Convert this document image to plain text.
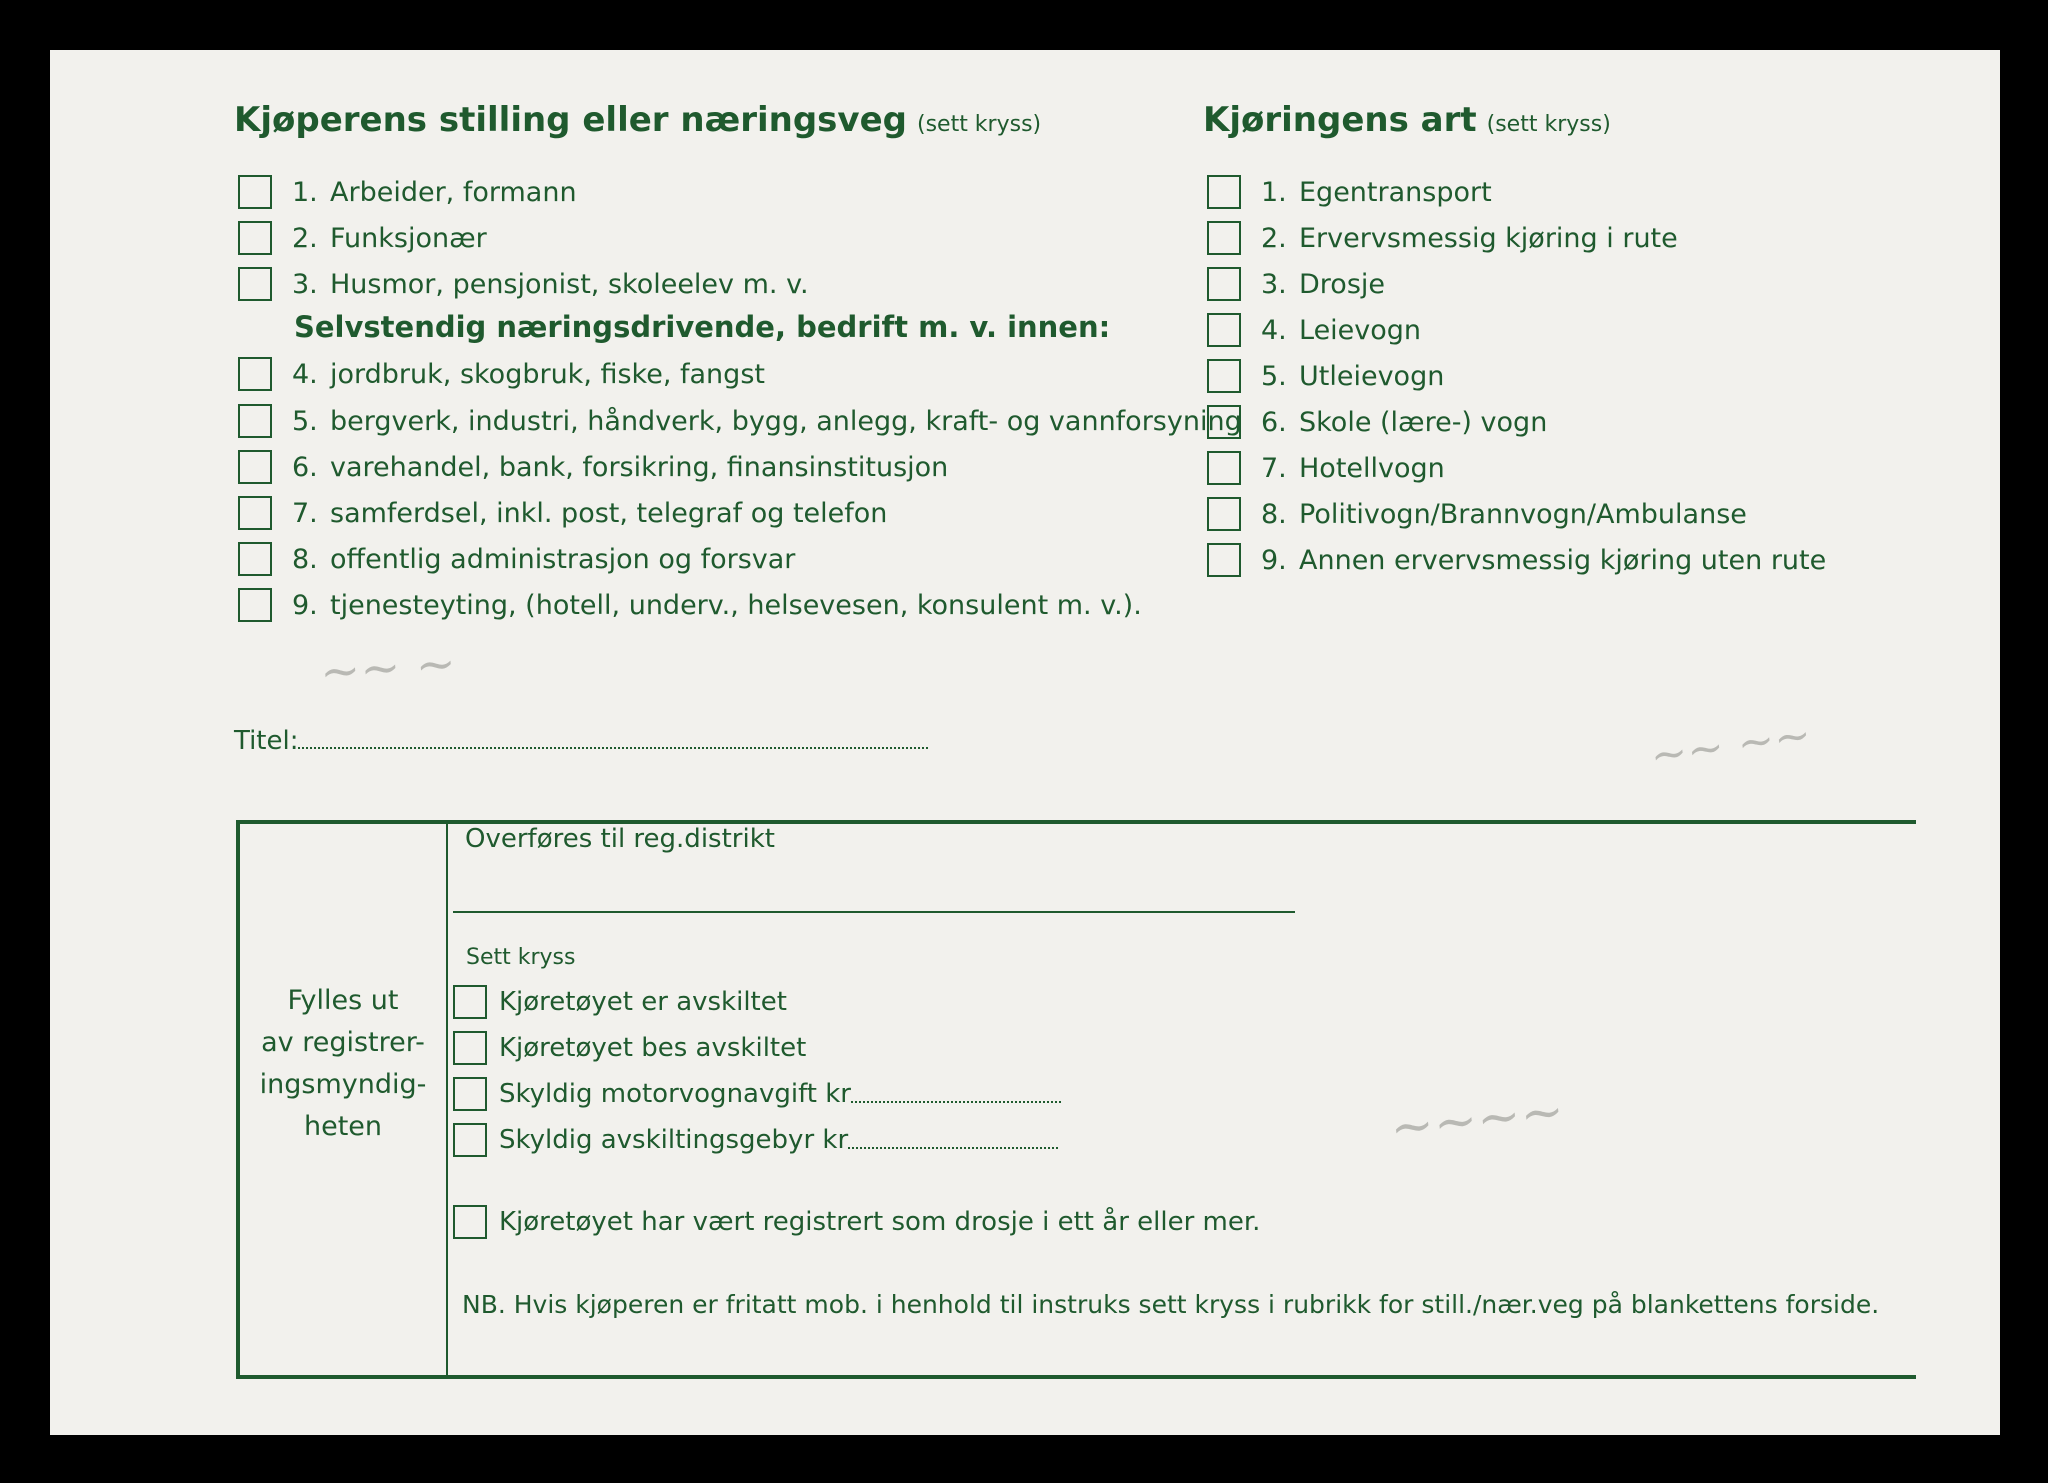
~~ ~~
~~~~
~~ ~
Kjøperens stilling eller næringsveg (sett kryss)
1. Arbeider, formann
2. Funksjonær
3. Husmor, pensjonist, skoleelev m. v.
Selvstendig næringsdrivende, bedrift m. v. innen:
4. jordbruk, skogbruk, fiske, fangst
5. bergverk, industri, håndverk, bygg, anlegg, kraft- og vannforsyning
6. varehandel, bank, forsikring, finansinstitusjon
7. samferdsel, inkl. post, telegraf og telefon
8. offentlig administrasjon og forsvar
9. tjenesteyting, (hotell, underv., helsevesen, konsulent m. v.).
Kjøringens art (sett kryss)
1. Egentransport
2. Ervervsmessig kjøring i rute
3. Drosje
4. Leievogn
5. Utleievogn
6. Skole (lære-) vogn
7. Hotellvogn
8. Politivogn/Brannvogn/Ambulanse
9. Annen ervervsmessig kjøring uten rute
Titel:
Fylles ut
av registrer-
ingsmyndig-
heten
Overføres til reg.distrikt
Sett kryss
Kjøretøyet er avskiltet
Kjøretøyet bes avskiltet
Skyldig motorvognavgift kr
Skyldig avskiltingsgebyr kr
Kjøretøyet har vært registrert som drosje i ett år eller mer.
NB. Hvis kjøperen er fritatt mob. i henhold til instruks sett kryss i rubrikk for still./nær.veg på blankettens forside.
